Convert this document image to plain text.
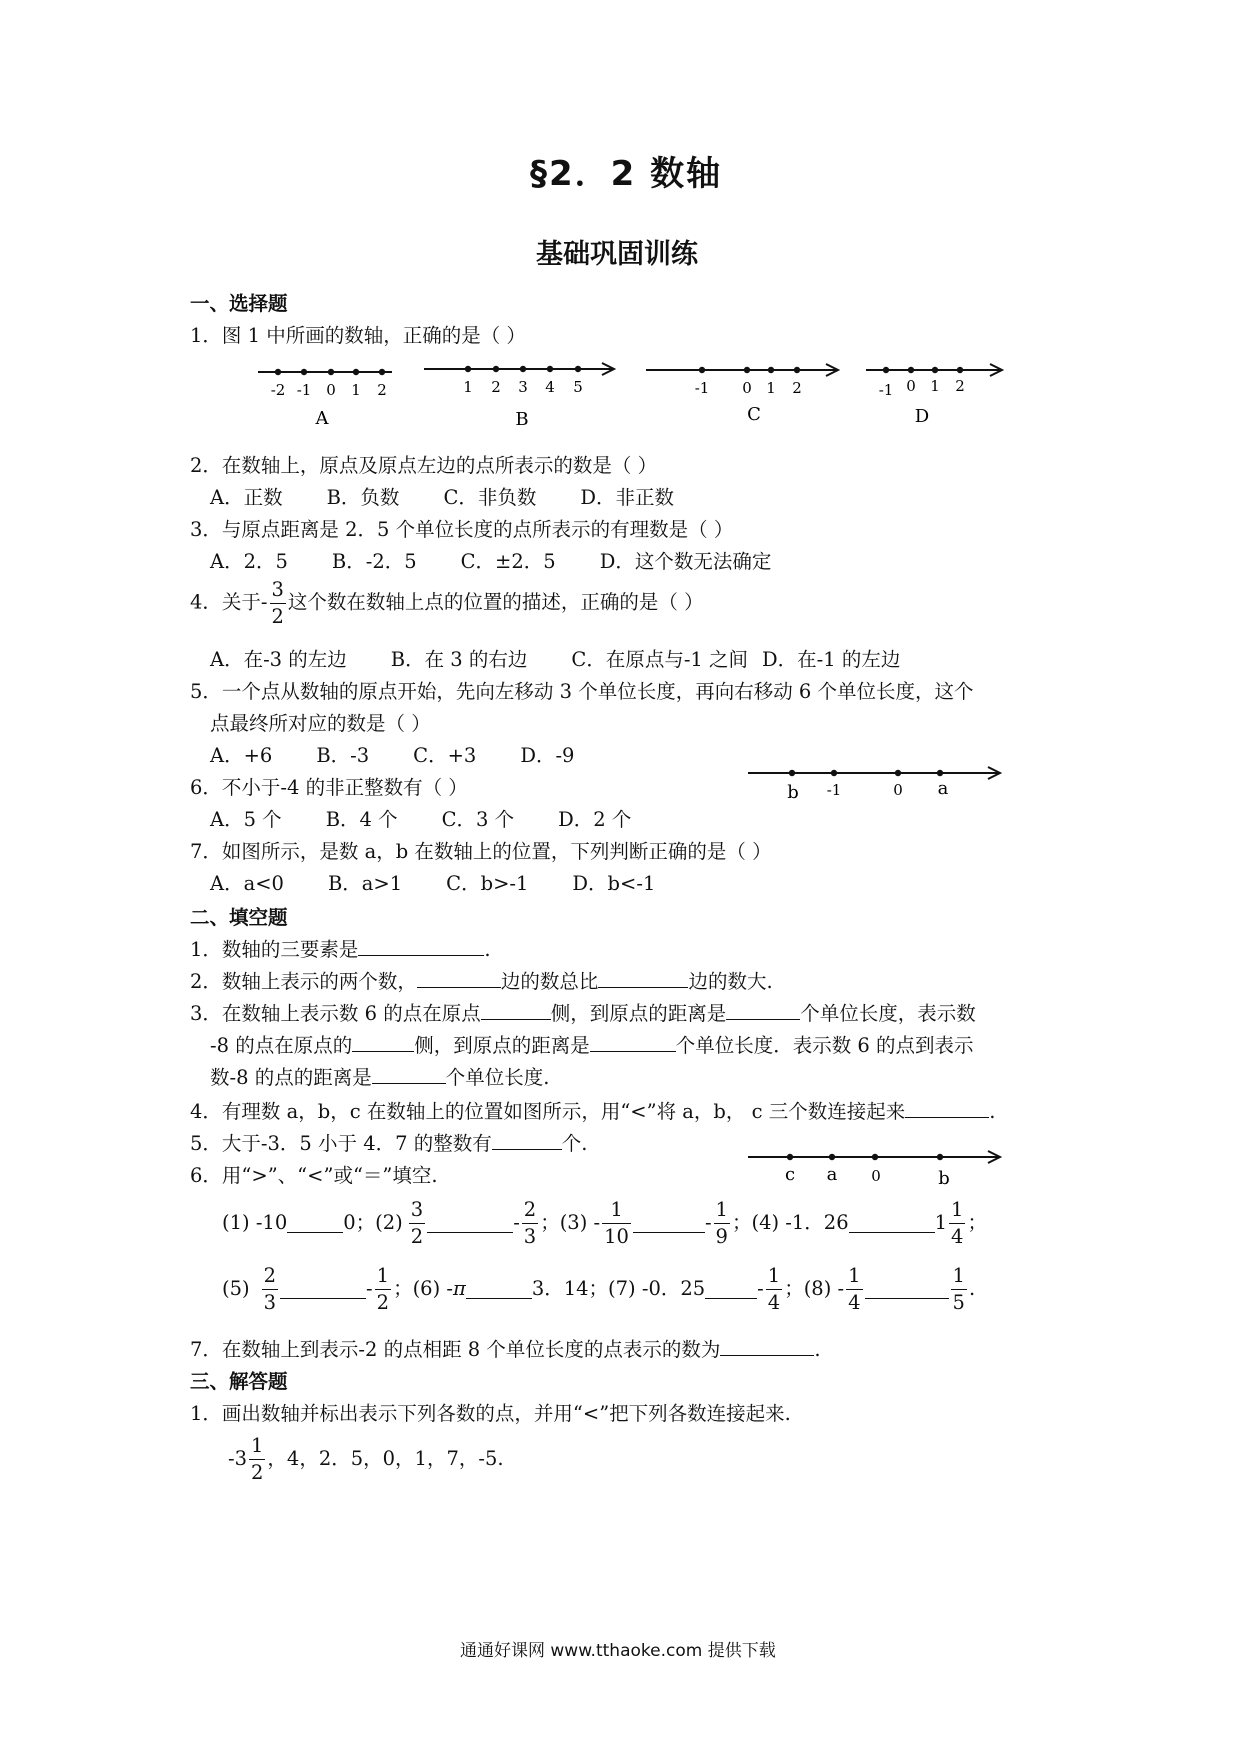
§2．2 数轴
基础巩固训练
一、选择题
1．图 1 中所画的数轴，正确的是（ ）
-2 -1 0 1 2
A
1 2 3 4 5
B
-1 0 1 2
C
-1 0 1 2
D
2．在数轴上，原点及原点左边的点所表示的数是（ ）
A．正数 B．负数 C．非负数 D．非正数
3．与原点距离是 2．5 个单位长度的点所表示的有理数是（ ）
A．2．5 B．-2．5 C．±2．5 D．这个数无法确定
4．关于- $\frac{3}{2}$ 这个数在数轴上点的位置的描述，正确的是（ ）
A．在-3 的左边 B．在 3 的右边 C．在原点与-1 之间 D．在-1 的左边
5．一个点从数轴的原点开始，先向左移动 3 个单位长度，再向右移动 6 个单位长度，这个
点最终所对应的数是（ ）
A．+6 B．-3 C．+3 D．-9
6．不小于-4 的非正整数有（ ）	b -1	0 a
A．5 个 B．4 个 C．3 个 D．2 个
7．如图所示，是数 a，b 在数轴上的位置，下列判断正确的是（ ）
A．a<0 B．a>1 C．b>-1 D．b<-1
二、填空题
1．数轴的三要素是	.
2．数轴上表示的两个数，	边的数总比	边的数大.
3．在数轴上表示数 6 的点在原点	侧，到原点的距离是	个单位长度，表示数
-8 的点在原点的	侧，到原点的距离是	个单位长度．表示数 6 的点到表示
数-8 的点的距离是	个单位长度.
4．有理数 a，b，c 在数轴上的位置如图所示，用“<”将 a，b， c 三个数连接起来	.
5．大于-3．5 小于 4．7 的整数有	个.
6．用“>”、“<”或“＝”填空.	c a 0	b
(1) -10	0；$(2) \frac{3}{2}$	- $\frac{2}{3}$ ；$(3) - \frac{1}{10}$	- $\frac{1}{9}$ ；(4) -1．26	$1 \frac{1}{4}$ ；
$(5) \frac{2}{3}$	- $\frac{1}{2}$ ；(6) - π	3．14；(7) -0．25	- $\frac{1}{4}$ ；$(8) - \frac{1}{4}$	$\frac{1}{5}$ .
7．在数轴上到表示-2 的点相距 8 个单位长度的点表示的数为	.
三、解答题
1．画出数轴并标出表示下列各数的点，并用“<”把下列各数连接起来.
$-3 \frac{1}{2}$ ，4，2．5，0，1，7，-5.
通通好课网 www.tthaoke.com 提供下载
